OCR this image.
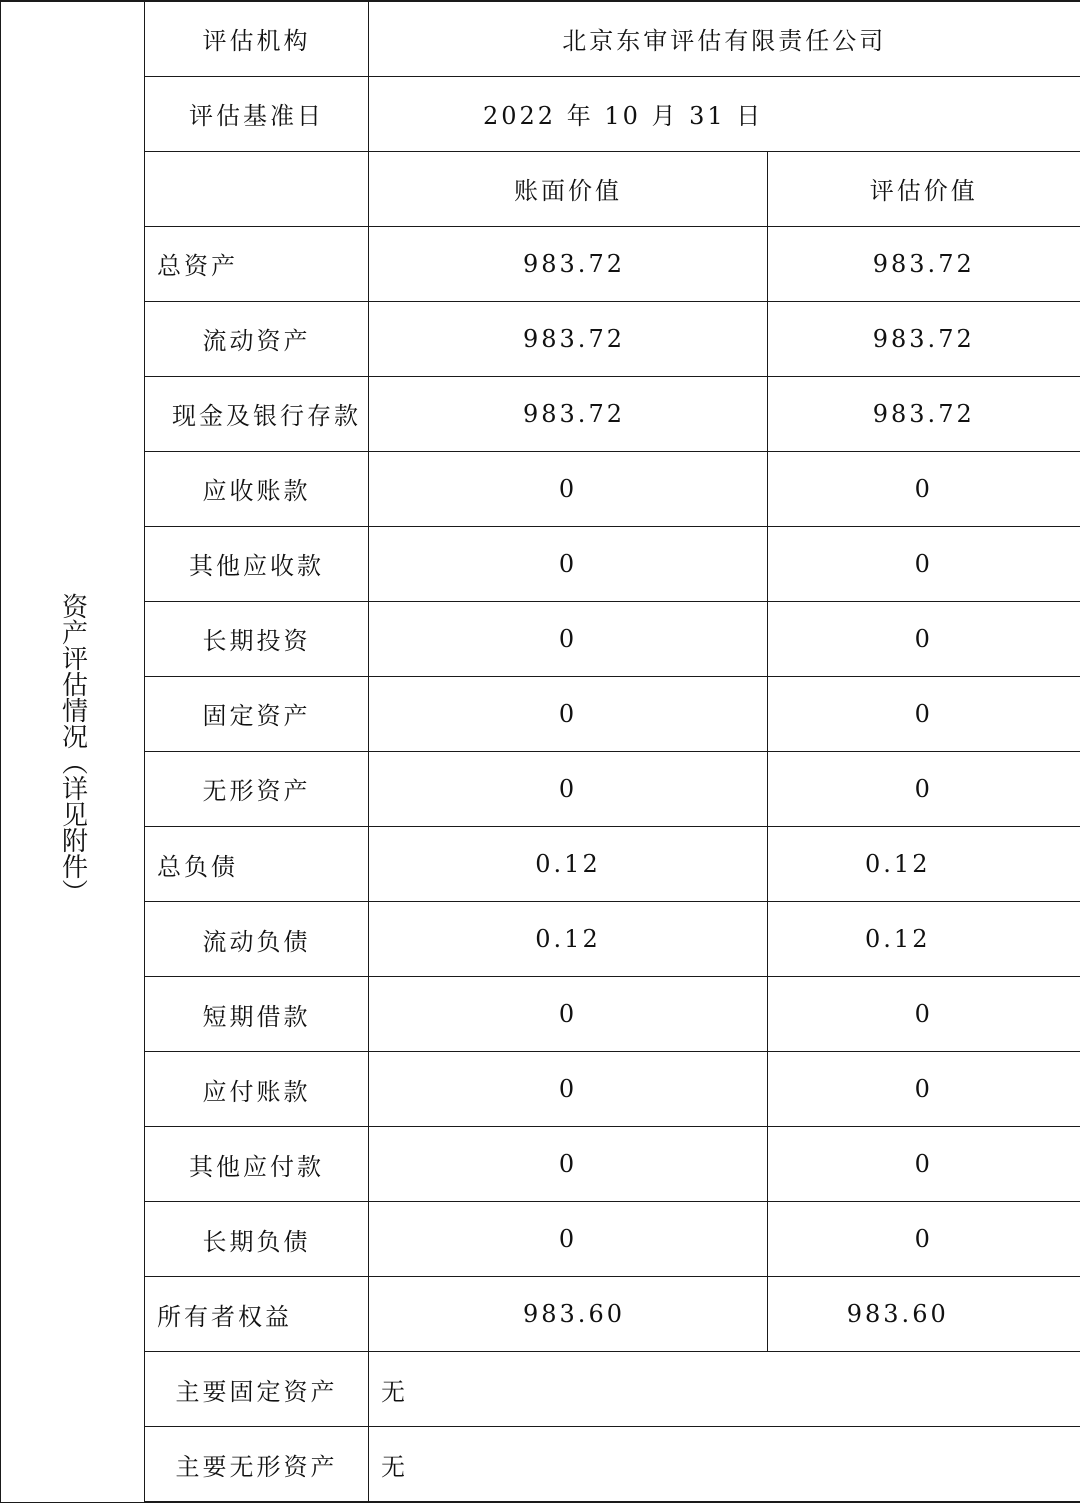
资产评估情况（详见附件）	评估机构	北京东审评估有限责任公司	
	评估基准日	2022 年 10 月 31 日	
		账面价值	评估价值
	总资产	983.72	983.72
	流动资产	983.72	983.72
	现金及银行存款	983.72	983.72
	应收账款	0	0
	其他应收款	0	0
	长期投资	0	0
	固定资产	0	0
	无形资产	0	0
	总负债	0.12	0.12
	流动负债	0.12	0.12
	短期借款	0	0
	应付账款	0	0
	其他应付款	0	0
	长期负债	0	0
	所有者权益	983.60	983.60
	主要固定资产	无	
	主要无形资产	无	
